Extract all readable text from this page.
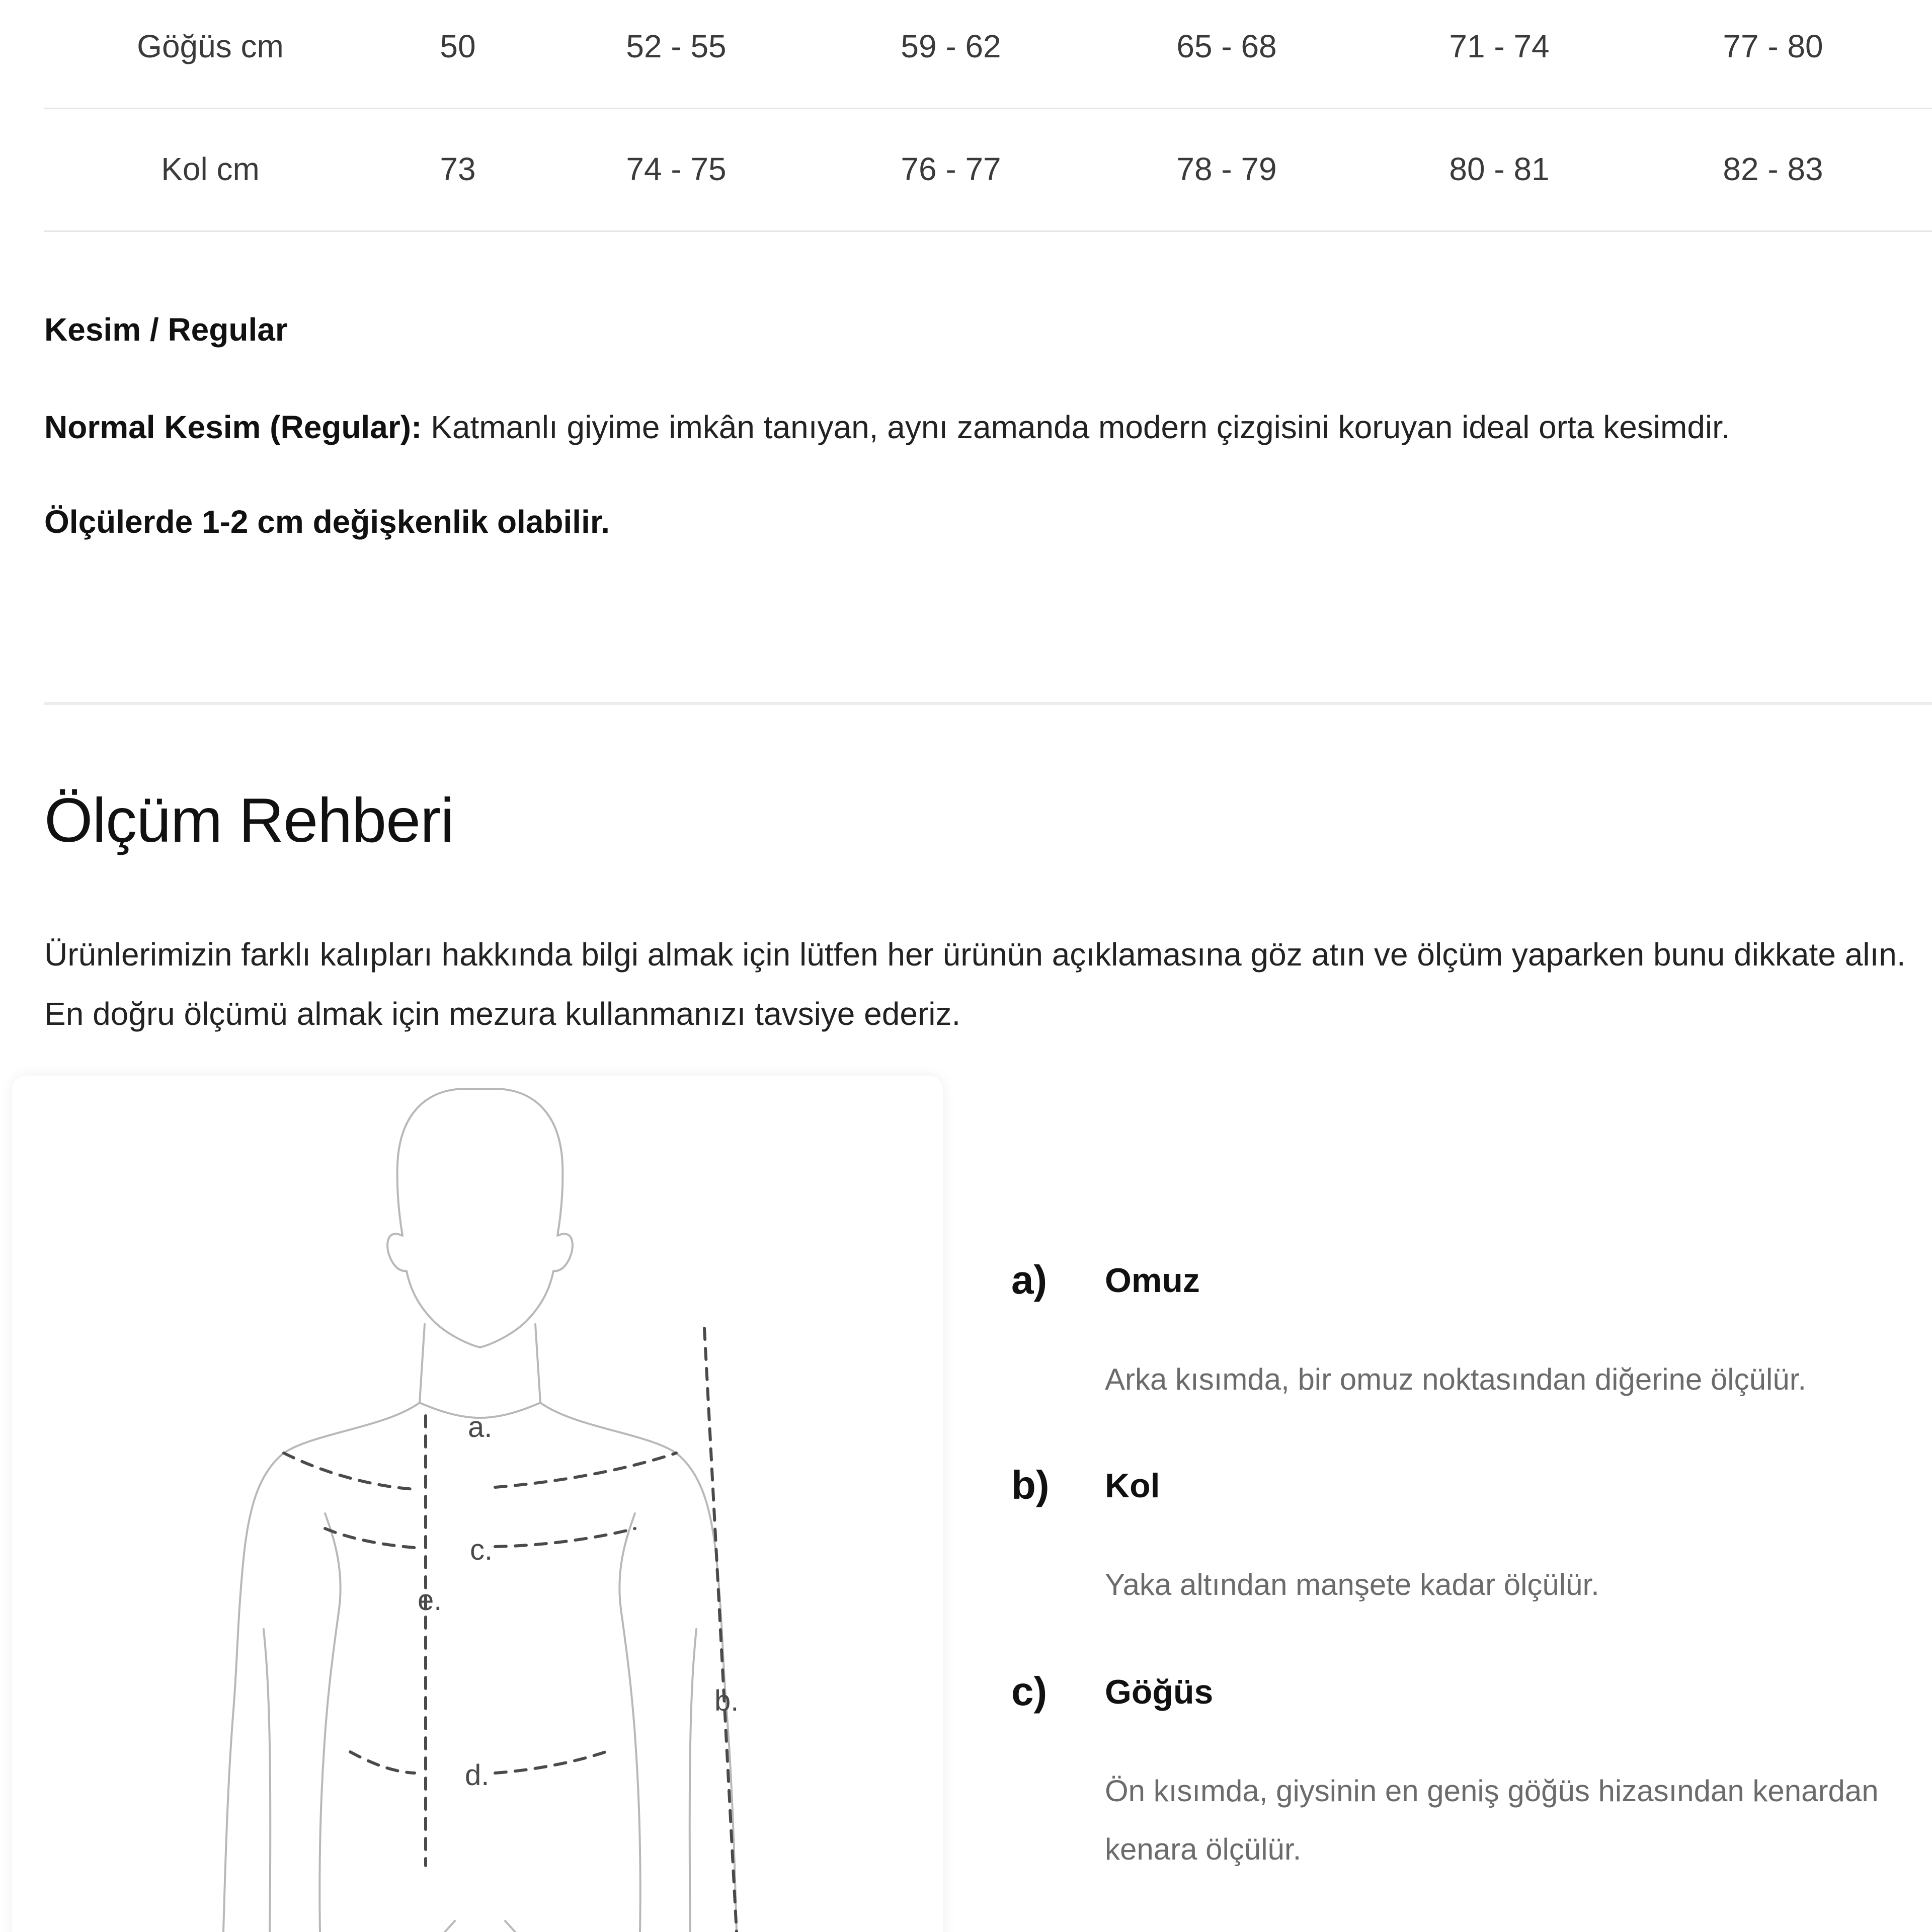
Göğüs cm	50	52 - 55	59 - 62	65 - 68	71 - 74	77 - 80
Kol cm	73	74 - 75	76 - 77	78 - 79	80 - 81	82 - 83
Kesim / Regular
Normal Kesim (Regular): Katmanlı giyime imkân tanıyan, aynı zamanda modern çizgisini koruyan ideal orta kesimdir.
Ölçülerde 1-2 cm değişkenlik olabilir.
Ölçüm Rehberi
Ürünlerimizin farklı kalıpları hakkında bilgi almak için lütfen her ürünün açıklamasına göz atın ve ölçüm yaparken bunu dikkate alın.
En doğru ölçümü almak için mezura kullanmanızı tavsiye ederiz.
a.
c.
e.
b.
d.
a) Omuz
Arka kısımda, bir omuz noktasından diğerine ölçülür.
b) Kol
Yaka altından manşete kadar ölçülür.
c) Göğüs
Ön kısımda, giysinin en geniş göğüs hizasından kenardan kenara ölçülür.
